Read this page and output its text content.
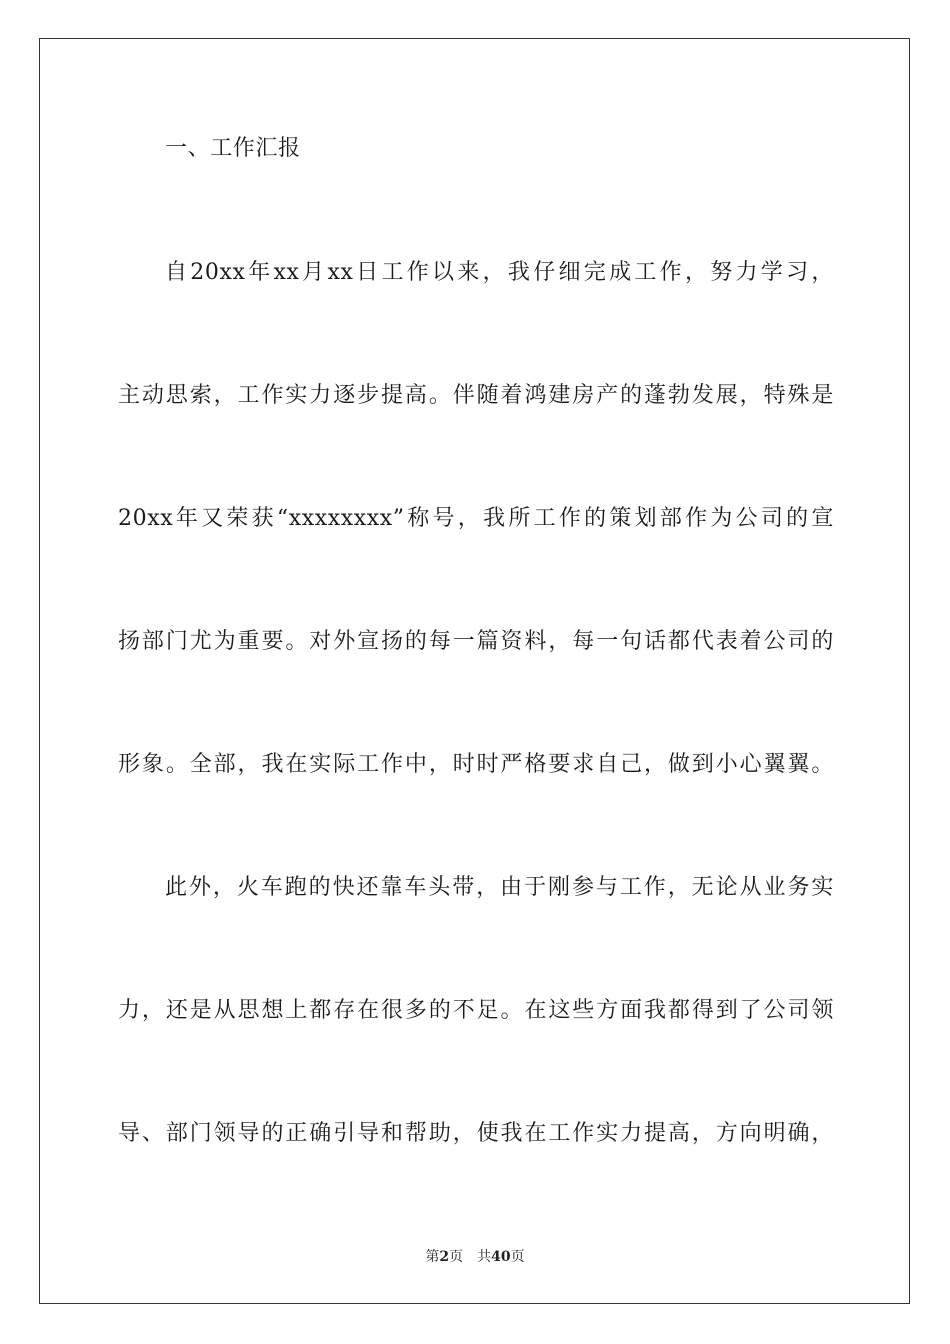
一、工作汇报
自20xx年xx月xx日工作以来，我仔细完成工作，努力学习，
主动思索，工作实力逐步提高。伴随着鸿建房产的蓬勃发展，特殊是
20xx年又荣获“xxxxxxxx”称号，我所工作的策划部作为公司的宣
扬部门尤为重要。对外宣扬的每一篇资料，每一句话都代表着公司的
形象。全部，我在实际工作中，时时严格要求自己，做到小心翼翼。
此外，火车跑的快还靠车头带，由于刚参与工作，无论从业务实
力，还是从思想上都存在很多的不足。在这些方面我都得到了公司领
导、部门领导的正确引导和帮助，使我在工作实力提高，方向明确，
第2页 共40页
